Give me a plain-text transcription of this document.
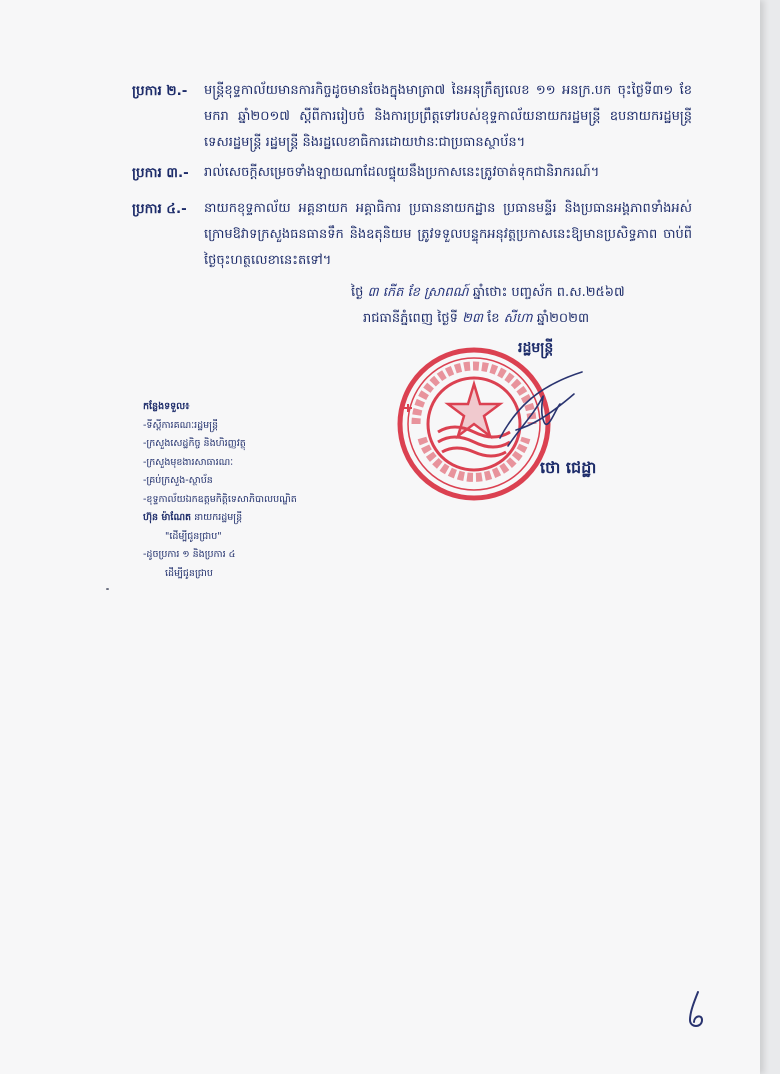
ប្រការ ២.- មន្ត្រីខុទ្ទកាល័យមានការកិច្ចដូចមានចែងក្នុងមាត្រា៧ នៃអនុក្រឹត្យលេខ ១១ អនក្រ.បក ចុះថ្ងៃទី៣១ ខែមករា ឆ្នាំ២០១៧ ស្ដីពីការរៀបចំ និងការប្រព្រឹត្តទៅរបស់ខុទ្ទកាល័យនាយករដ្ឋមន្ត្រី ឧបនាយករដ្ឋមន្ត្រី ទេសរដ្ឋមន្ត្រី រដ្ឋមន្ត្រី និងរដ្ឋលេខាធិការដោយឋានៈជាប្រធានស្ថាប័ន។
ប្រការ ៣.- រាល់សេចក្ដីសម្រេចទាំងឡាយណាដែលផ្ទុយនឹងប្រកាសនេះត្រូវចាត់ទុកជានិរាករណ៍។
ប្រការ ៤.- នាយកខុទ្ទកាល័យ អគ្គនាយក អគ្គាធិការ ប្រធាននាយកដ្ឋាន ប្រធានមន្ទីរ និងប្រធានអង្គភាពទាំងអស់ក្រោមឱវាទក្រសួងធនធានទឹក និងឧតុនិយម ត្រូវទទួលបន្ទុកអនុវត្តប្រកាសនេះឱ្យមានប្រសិទ្ធភាព ចាប់ពីថ្ងៃចុះហត្ថលេខានេះតទៅ។
ថ្ងៃ ៣ កើត ខែ ស្រាពណ៍ ឆ្នាំថោះ បញ្ចស័ក ព.ស.២៥៦៧
រាជធានីភ្នំពេញ ថ្ងៃទី ២៣ ខែ សីហា ឆ្នាំ២០២៣
រដ្ឋមន្ត្រី
ថោ ជេដ្ឋា
កន្លែងទទួល៖
-ទីស្ដីការគណៈរដ្ឋមន្ត្រី
-ក្រសួងសេដ្ឋកិច្ច និងហិរញ្ញវត្ថុ
-ក្រសួងមុខងារសាធារណៈ
-គ្រប់ក្រសួង-ស្ថាប័ន
-ខុទ្ទកាល័យឯកឧត្តមកិត្តិទេសាភិបាលបណ្ឌិត
ហ៊ុន ម៉ាណែត នាយករដ្ឋមន្ត្រី
"ដើម្បីជូនជ្រាប"
-ដូចប្រការ ១ និងប្រការ ៤
ដើម្បីជូនជ្រាប
